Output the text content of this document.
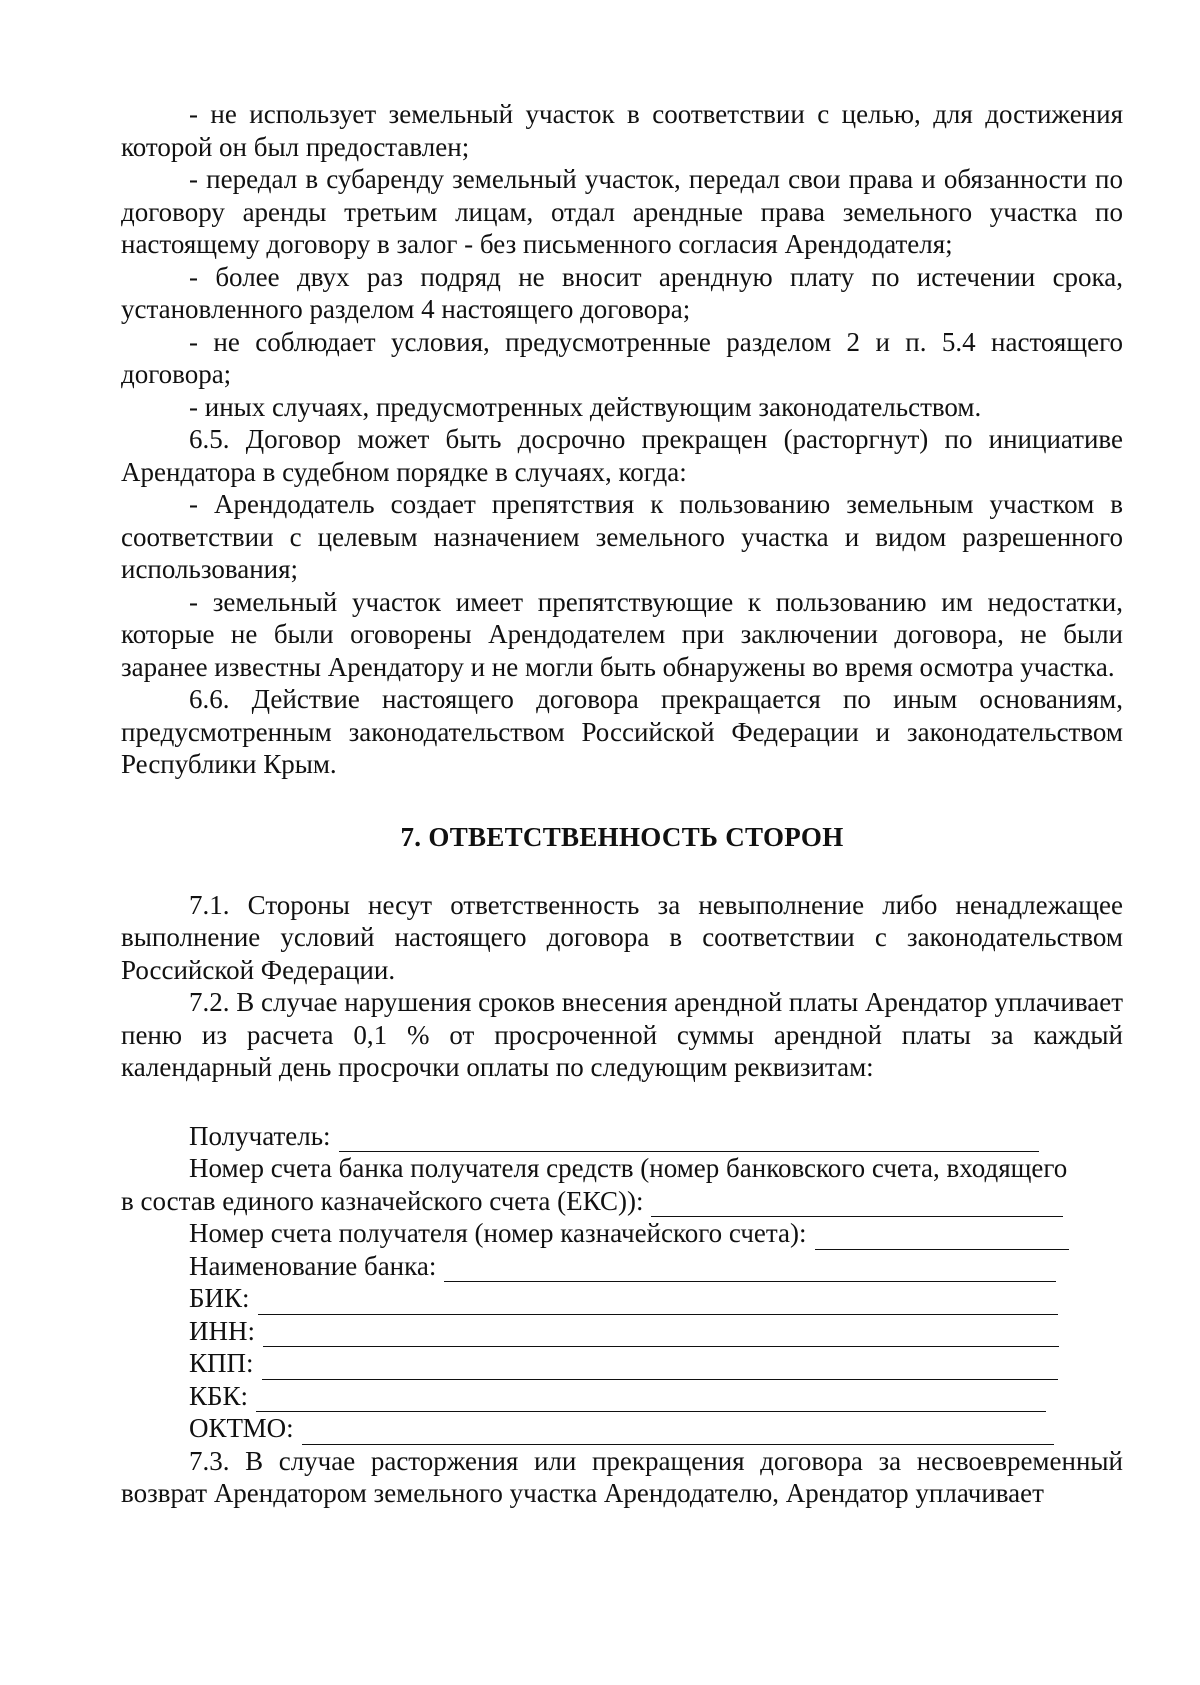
- не использует земельный участок в соответствии с целью, для достижения которой он был предоставлен;

- передал в субаренду земельный участок, передал свои права и обязанности по договору аренды третьим лицам, отдал арендные права земельного участка по настоящему договору в залог - без письменного согласия Арендодателя;

- более двух раз подряд не вносит арендную плату по истечении срока, установленного разделом 4 настоящего договора;

- не соблюдает условия, предусмотренные разделом 2 и п. 5.4 настоящего договора;

- иных случаях, предусмотренных действующим законодательством.

6.5. Договор может быть досрочно прекращен (расторгнут) по инициативе Арендатора в судебном порядке в случаях, когда:

- Арендодатель создает препятствия к пользованию земельным участком в соответствии с целевым назначением земельного участка и видом разрешенного использования;

- земельный участок имеет препятствующие к пользованию им недостатки, которые не были оговорены Арендодателем при заключении договора, не были заранее известны Арендатору и не могли быть обнаружены во время осмотра участка.

6.6. Действие настоящего договора прекращается по иным основаниям, предусмотренным законодательством Российской Федерации и законодательством Республики Крым.

7. ОТВЕТСТВЕННОСТЬ СТОРОН

7.1. Стороны несут ответственность за невыполнение либо ненадлежащее выполнение условий настоящего договора в соответствии с законодательством Российской Федерации.

7.2. В случае нарушения сроков внесения арендной платы Арендатор уплачивает пеню из расчета 0,1 % от просроченной суммы арендной платы за каждый календарный день просрочки оплаты по следующим реквизитам:

Получатель:
Номер счета банка получателя средств (номер банковского счета, входящего
в состав единого казначейского счета (ЕКС)):
Номер счета получателя (номер казначейского счета):
Наименование банка:
БИК:
ИНН:
КПП:
КБК:
ОКТМО:

7.3. В случае расторжения или прекращения договора за несвоевременный возврат Арендатором земельного участка Арендодателю, Арендатор уплачивает
